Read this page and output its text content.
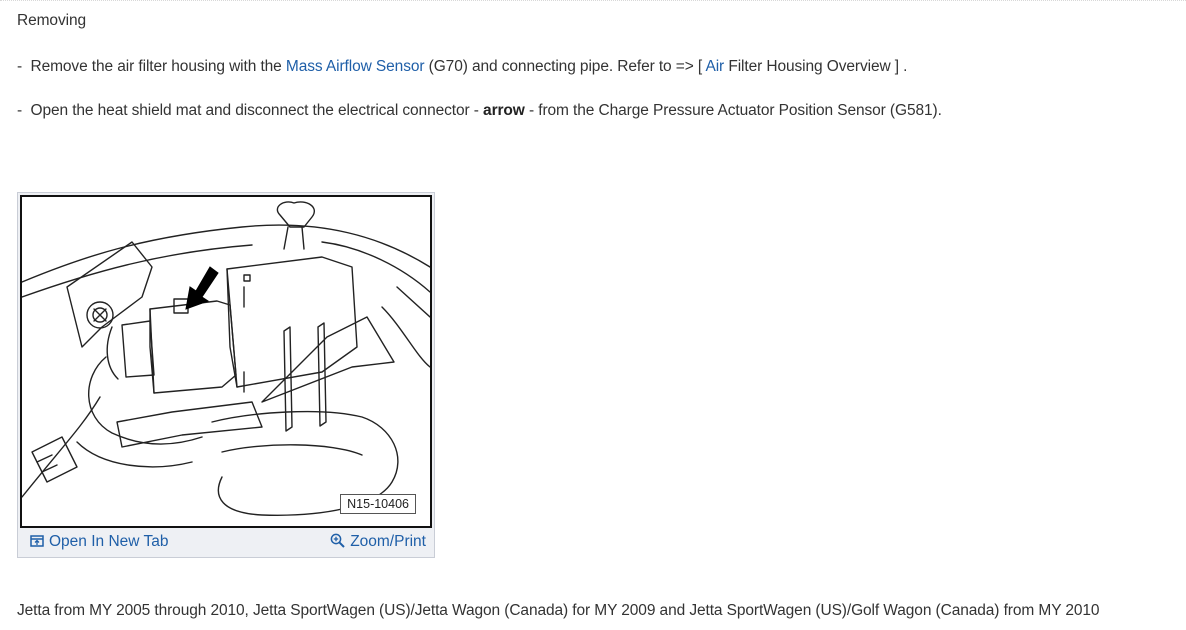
Removing
- Remove the air filter housing with the Mass Airflow Sensor (G70) and connecting pipe. Refer to => [ Air Filter Housing Overview ] .
- Open the heat shield mat and disconnect the electrical connector - arrow - from the Charge Pressure Actuator Position Sensor (G581).
N15-10406
Open In New Tab	Zoom/Print
Jetta from MY 2005 through 2010, Jetta SportWagen (US)/Jetta Wagon (Canada) for MY 2009 and Jetta SportWagen (US)/Golf Wagon (Canada) from MY 2010
